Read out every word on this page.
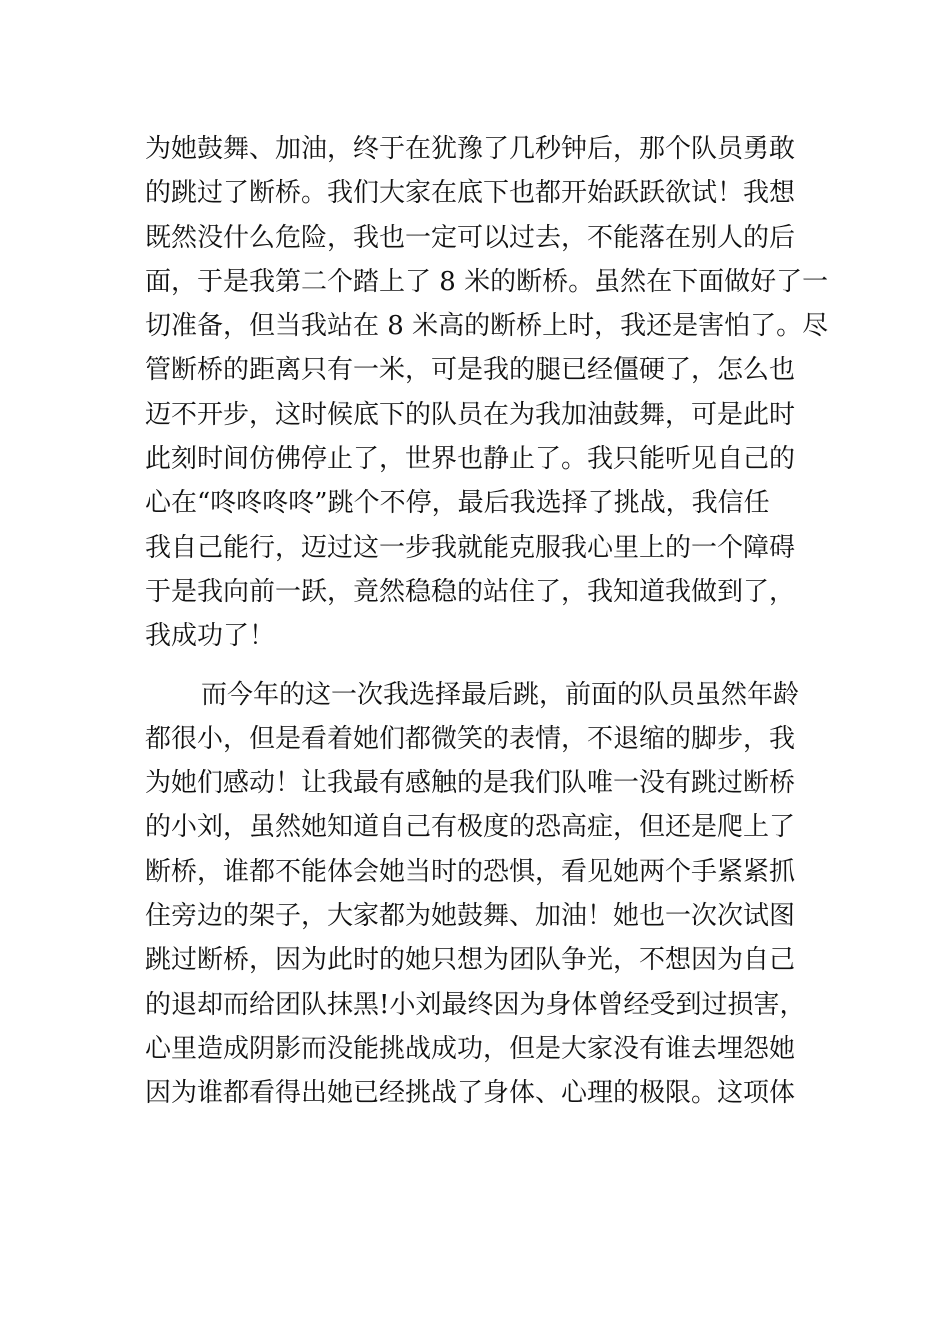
为她鼓舞、加油，终于在犹豫了几秒钟后，那个队员勇敢
的跳过了断桥。我们大家在底下也都开始跃跃欲试！我想
既然没什么危险，我也一定可以过去，不能落在别人的后
面，于是我第二个踏上了 8 米的断桥。虽然在下面做好了一
切准备，但当我站在 8 米高的断桥上时，我还是害怕了。尽
管断桥的距离只有一米，可是我的腿已经僵硬了，怎么也
迈不开步，这时候底下的队员在为我加油鼓舞，可是此时
此刻时间仿佛停止了，世界也静止了。我只能听见自己的
心在“咚咚咚咚”跳个不停，最后我选择了挑战，我信任
我自己能行，迈过这一步我就能克服我心里上的一个障碍
于是我向前一跃，竟然稳稳的站住了，我知道我做到了，
我成功了！
而今年的这一次我选择最后跳，前面的队员虽然年龄
都很小，但是看着她们都微笑的表情，不退缩的脚步，我
为她们感动！让我最有感触的是我们队唯一没有跳过断桥
的小刘，虽然她知道自己有极度的恐高症，但还是爬上了
断桥，谁都不能体会她当时的恐惧，看见她两个手紧紧抓
住旁边的架子，大家都为她鼓舞、加油！她也一次次试图
跳过断桥，因为此时的她只想为团队争光，不想因为自己
的退却而给团队抹黑!小刘最终因为身体曾经受到过损害，
心里造成阴影而没能挑战成功，但是大家没有谁去埋怨她
因为谁都看得出她已经挑战了身体、心理的极限。这项体
